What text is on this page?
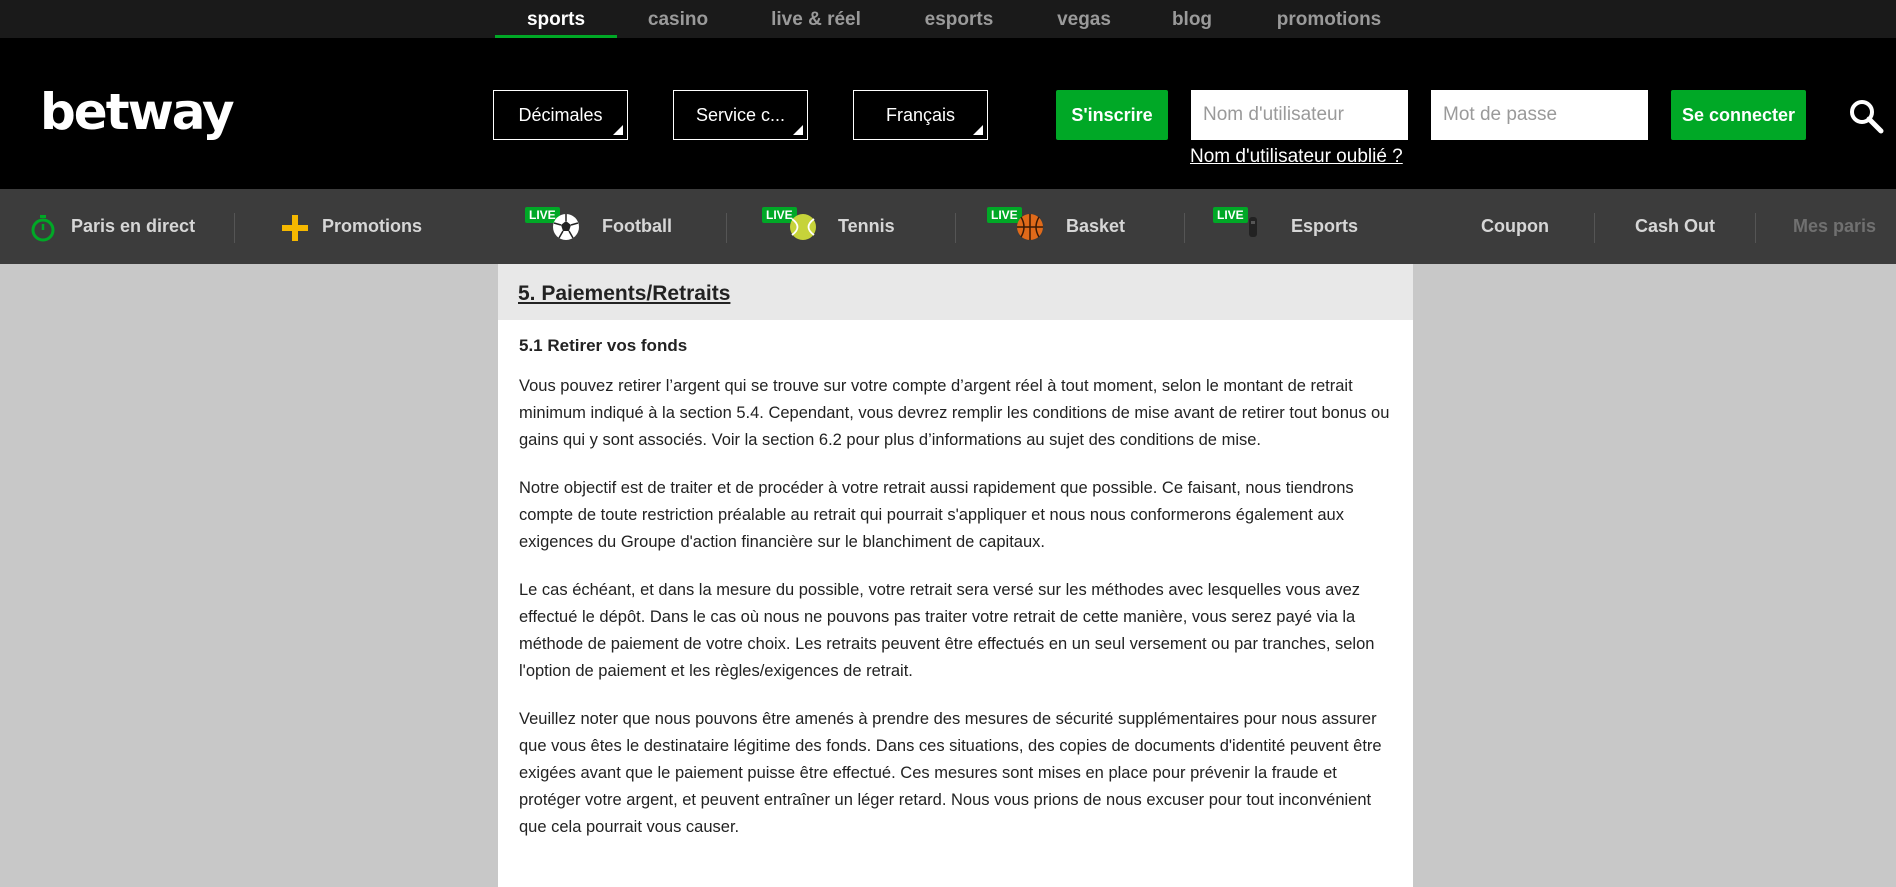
sports	casino	live & réel	esports	vegas	blog	promotions
betway	Décimales	Service c...	Français	S'inscrire
Nom d'utilisateur	Se connecter
Nom d'utilisateur oublié ?
Paris en direct	Promotions
LIVE
Football
LIVE
Tennis
LIVE
Basket
LIVE
Esports	Coupon	Cash Out	Mes paris
5. Paiements/Retraits
5.1 Retirer vos fonds

Vous pouvez retirer l’argent qui se trouve sur votre compte d’argent réel à tout moment, selon le montant de retrait minimum indiqué à la section 5.4. Cependant, vous devrez remplir les conditions de mise avant de retirer tout bonus ou gains qui y sont associés. Voir la section 6.2 pour plus d’informations au sujet des conditions de mise.

Notre objectif est de traiter et de procéder à votre retrait aussi rapidement que possible. Ce faisant, nous tiendrons compte de toute restriction préalable au retrait qui pourrait s'appliquer et nous nous conformerons également aux exigences du Groupe d'action financière sur le blanchiment de capitaux.

Le cas échéant, et dans la mesure du possible, votre retrait sera versé sur les méthodes avec lesquelles vous avez effectué le dépôt. Dans le cas où nous ne pouvons pas traiter votre retrait de cette manière, vous serez payé via la méthode de paiement de votre choix. Les retraits peuvent être effectués en un seul versement ou par tranches, selon l'option de paiement et les règles/exigences de retrait.

Veuillez noter que nous pouvons être amenés à prendre des mesures de sécurité supplémentaires pour nous assurer que vous êtes le destinataire légitime des fonds. Dans ces situations, des copies de documents d'identité peuvent être exigées avant que le paiement puisse être effectué. Ces mesures sont mises en place pour prévenir la fraude et protéger votre argent, et peuvent entraîner un léger retard. Nous vous prions de nous excuser pour tout inconvénient que cela pourrait vous causer.
